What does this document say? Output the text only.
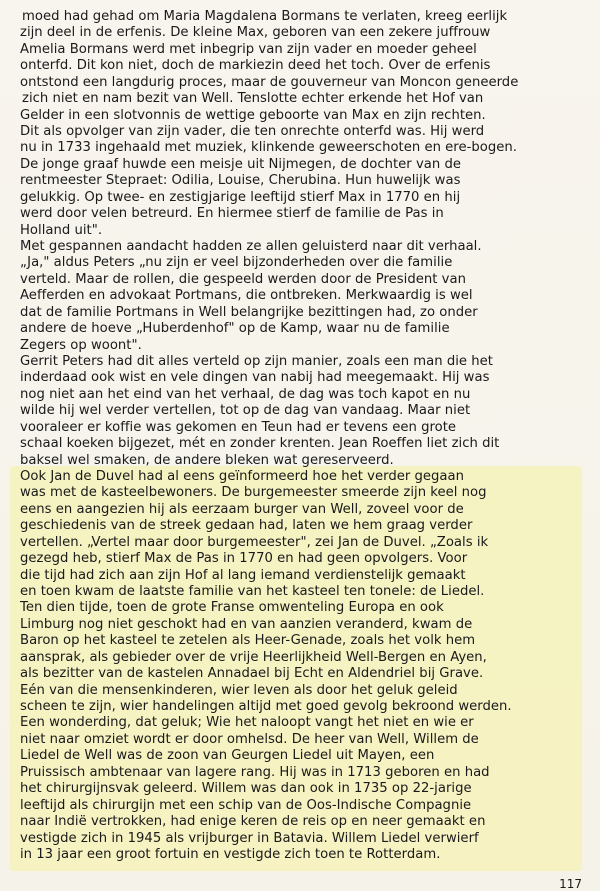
moed had gehad om Maria Magdalena Bormans te verlaten, kreeg eerlijk
zijn deel in de erfenis. De kleine Max, geboren van een zekere juffrouw
Amelia Bormans werd met inbegrip van zijn vader en moeder geheel
onterfd. Dit kon niet, doch de markiezin deed het toch. Over de erfenis
ontstond een langdurig proces, maar de gouverneur van Moncon geneerde
zich niet en nam bezit van Well. Tenslotte echter erkende het Hof van
Gelder in een slotvonnis de wettige geboorte van Max en zijn rechten.
Dit als opvolger van zijn vader, die ten onrechte onterfd was. Hij werd
nu in 1733 ingehaald met muziek, klinkende geweerschoten en ere-bogen.
De jonge graaf huwde een meisje uit Nijmegen, de dochter van de
rentmeester Stepraet: Odilia, Louise, Cherubina. Hun huwelijk was
gelukkig. Op twee- en zestigjarige leeftijd stierf Max in 1770 en hij
werd door velen betreurd. En hiermee stierf de familie de Pas in
Holland uit".
Met gespannen aandacht hadden ze allen geluisterd naar dit verhaal.
„Ja," aldus Peters „nu zijn er veel bijzonderheden over die familie
verteld. Maar de rollen, die gespeeld werden door de President van
Aefferden en advokaat Portmans, die ontbreken. Merkwaardig is wel
dat de familie Portmans in Well belangrijke bezittingen had, zo onder
andere de hoeve „Huberdenhof" op de Kamp, waar nu de familie
Zegers op woont".
Gerrit Peters had dit alles verteld op zijn manier, zoals een man die het
inderdaad ook wist en vele dingen van nabij had meegemaakt. Hij was
nog niet aan het eind van het verhaal, de dag was toch kapot en nu
wilde hij wel verder vertellen, tot op de dag van vandaag. Maar niet
vooraleer er koffie was gekomen en Teun had er tevens een grote
schaal koeken bijgezet, mét en zonder krenten. Jean Roeffen liet zich dit
baksel wel smaken, de andere bleken wat gereserveerd.
Ook Jan de Duvel had al eens geïnformeerd hoe het verder gegaan
was met de kasteelbewoners. De burgemeester smeerde zijn keel nog
eens en aangezien hij als eerzaam burger van Well, zoveel voor de
geschiedenis van de streek gedaan had, laten we hem graag verder
vertellen. „Vertel maar door burgemeester", zei Jan de Duvel. „Zoals ik
gezegd heb, stierf Max de Pas in 1770 en had geen opvolgers. Voor
die tijd had zich aan zijn Hof al lang iemand verdienstelijk gemaakt
en toen kwam de laatste familie van het kasteel ten tonele: de Liedel.
Ten dien tijde, toen de grote Franse omwenteling Europa en ook
Limburg nog niet geschokt had en van aanzien veranderd, kwam de
Baron op het kasteel te zetelen als Heer-Genade, zoals het volk hem
aansprak, als gebieder over de vrije Heerlijkheid Well-Bergen en Ayen,
als bezitter van de kastelen Annadael bij Echt en Aldendriel bij Grave.
Eén van die mensenkinderen, wier leven als door het geluk geleid
scheen te zijn, wier handelingen altijd met goed gevolg bekroond werden.
Een wonderding, dat geluk; Wie het naloopt vangt het niet en wie er
niet naar omziet wordt er door omhelsd. De heer van Well, Willem de
Liedel de Well was de zoon van Geurgen Liedel uit Mayen, een
Pruissisch ambtenaar van lagere rang. Hij was in 1713 geboren en had
het chirurgijnsvak geleerd. Willem was dan ook in 1735 op 22-jarige
leeftijd als chirurgijn met een schip van de Oos-Indische Compagnie
naar Indië vertrokken, had enige keren de reis op en neer gemaakt en
vestigde zich in 1945 als vrijburger in Batavia. Willem Liedel verwierf
in 13 jaar een groot fortuin en vestigde zich toen te Rotterdam.
117
